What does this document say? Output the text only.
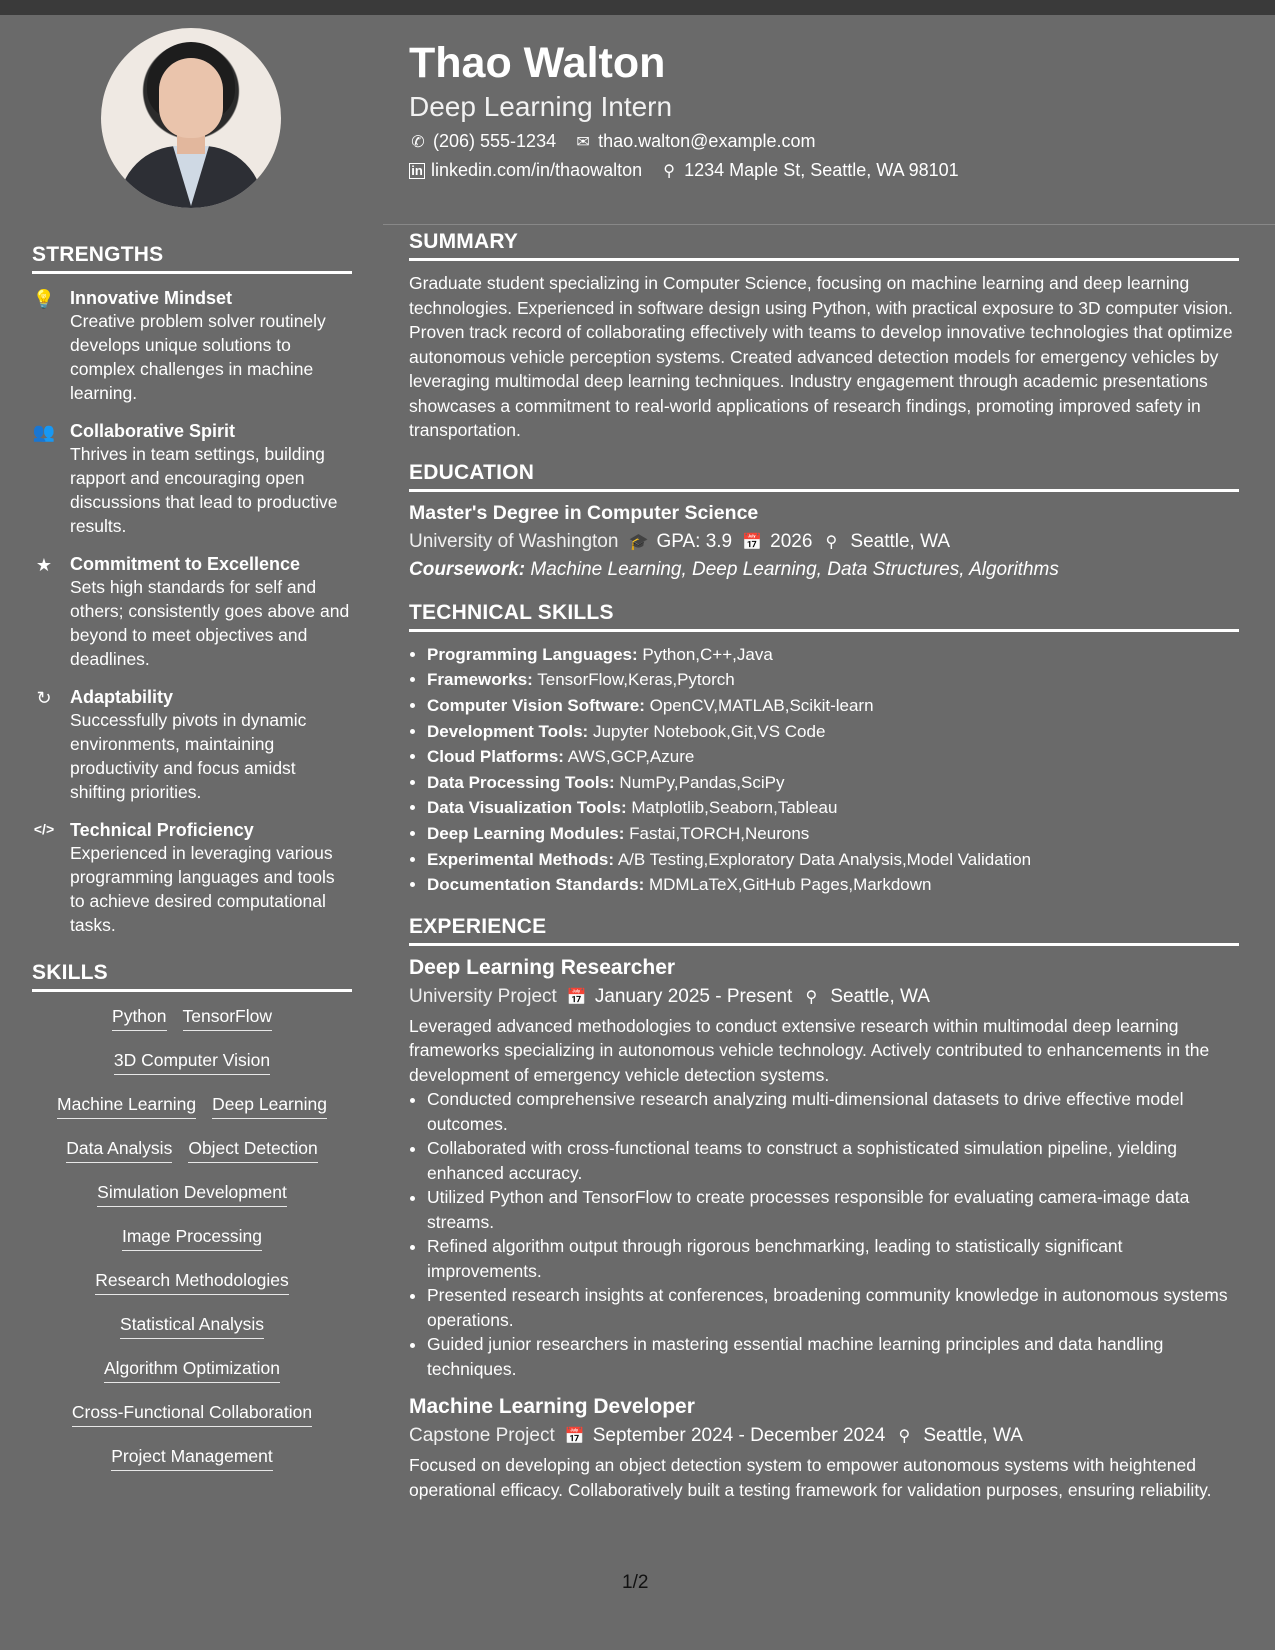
STRENGTHS
💡 Innovative Mindset
Creative problem solver routinely develops unique solutions to complex challenges in machine learning.
👥 Collaborative Spirit
Thrives in team settings, building rapport and encouraging open discussions that lead to productive results.
★ Commitment to Excellence
Sets high standards for self and others; consistently goes above and beyond to meet objectives and deadlines.
↻ Adaptability
Successfully pivots in dynamic environments, maintaining productivity and focus amidst shifting priorities.
</> Technical Proficiency
Experienced in leveraging various programming languages and tools to achieve desired computational tasks.
SKILLS
Python TensorFlow
3D Computer Vision
Machine Learning Deep Learning
Data Analysis Object Detection
Simulation Development
Image Processing
Research Methodologies
Statistical Analysis
Algorithm Optimization
Cross-Functional Collaboration
Project Management
Thao Walton
Deep Learning Intern
✆ (206) 555-1234 ✉ thao.walton@example.com
in linkedin.com/in/thaowalton ⚲ 1234 Maple St, Seattle, WA 98101
SUMMARY

Graduate student specializing in Computer Science, focusing on machine learning and deep learning technologies. Experienced in software design using Python, with practical exposure to 3D computer vision. Proven track record of collaborating effectively with teams to develop innovative technologies that optimize autonomous vehicle perception systems. Created advanced detection models for emergency vehicles by leveraging multimodal deep learning techniques. Industry engagement through academic presentations showcases a commitment to real-world applications of research findings, promoting improved safety in transportation.

EDUCATION
Master's Degree in Computer Science
University of Washington 🎓 GPA: 3.9 📅 2026 ⚲ Seattle, WA
Coursework: Machine Learning, Deep Learning, Data Structures, Algorithms
TECHNICAL SKILLS
• Programming Languages: Python,C++,Java
• Frameworks: TensorFlow,Keras,Pytorch
• Computer Vision Software: OpenCV,MATLAB,Scikit-learn
• Development Tools: Jupyter Notebook,Git,VS Code
• Cloud Platforms: AWS,GCP,Azure
• Data Processing Tools: NumPy,Pandas,SciPy
• Data Visualization Tools: Matplotlib,Seaborn,Tableau
• Deep Learning Modules: Fastai,TORCH,Neurons
• Experimental Methods: A/B Testing,Exploratory Data Analysis,Model Validation
• Documentation Standards: MDMLaTeX,GitHub Pages,Markdown
EXPERIENCE
Deep Learning Researcher
University Project 📅 January 2025 - Present ⚲ Seattle, WA
Leveraged advanced methodologies to conduct extensive research within multimodal deep learning frameworks specializing in autonomous vehicle technology. Actively contributed to enhancements in the development of emergency vehicle detection systems.
• Conducted comprehensive research analyzing multi-dimensional datasets to drive effective model outcomes.
• Collaborated with cross-functional teams to construct a sophisticated simulation pipeline, yielding enhanced accuracy.
• Utilized Python and TensorFlow to create processes responsible for evaluating camera-image data streams.
• Refined algorithm output through rigorous benchmarking, leading to statistically significant improvements.
• Presented research insights at conferences, broadening community knowledge in autonomous systems operations.
• Guided junior researchers in mastering essential machine learning principles and data handling techniques.
Machine Learning Developer
Capstone Project 📅 September 2024 - December 2024 ⚲ Seattle, WA
Focused on developing an object detection system to empower autonomous systems with heightened operational efficacy. Collaboratively built a testing framework for validation purposes, ensuring reliability.
1/2
